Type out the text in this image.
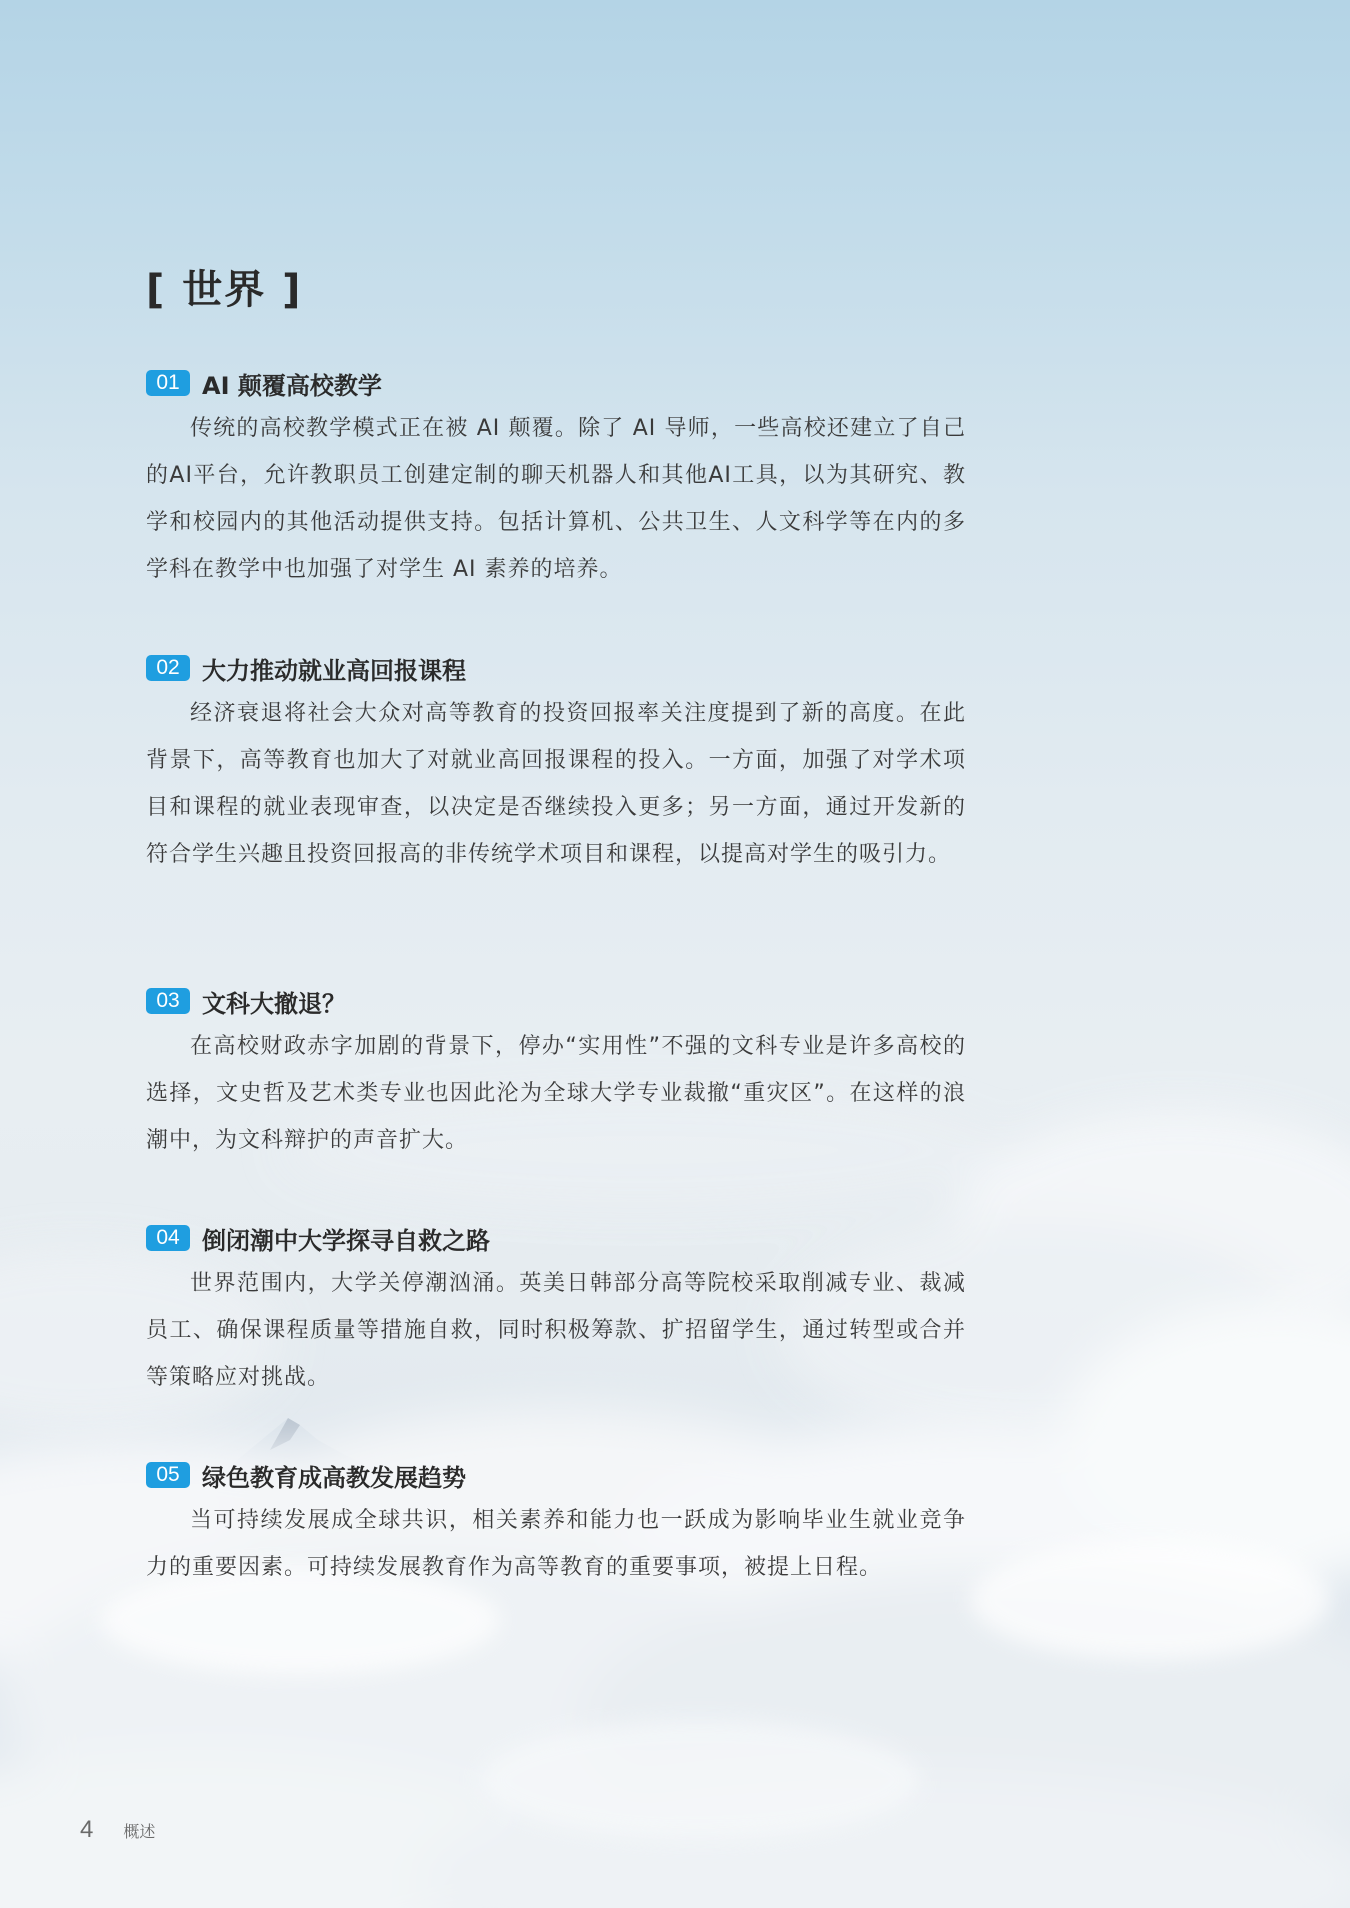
[ 世界 ]
01 AI 颠覆高校教学

传统的高校教学模式正在被 AI 颠覆。除了 AI 导师，一些高校还建立了自己的AI平台，允许教职员工创建定制的聊天机器人和其他AI工具，以为其研究、教学和校园内的其他活动提供支持。包括计算机、公共卫生、人文科学等在内的多学科在教学中也加强了对学生 AI 素养的培养。

02 大力推动就业高回报课程

经济衰退将社会大众对高等教育的投资回报率关注度提到了新的高度。在此背景下，高等教育也加大了对就业高回报课程的投入。一方面，加强了对学术项目和课程的就业表现审查，以决定是否继续投入更多；另一方面，通过开发新的符合学生兴趣且投资回报高的非传统学术项目和课程，以提高对学生的吸引力。

03 文科大撤退？

在高校财政赤字加剧的背景下，停办“实用性”不强的文科专业是许多高校的选择，文史哲及艺术类专业也因此沦为全球大学专业裁撤“重灾区”。在这样的浪潮中，为文科辩护的声音扩大。

04 倒闭潮中大学探寻自救之路

世界范围内，大学关停潮汹涌。英美日韩部分高等院校采取削减专业、裁减员工、确保课程质量等措施自救，同时积极筹款、扩招留学生，通过转型或合并等策略应对挑战。

05 绿色教育成高教发展趋势

当可持续发展成全球共识，相关素养和能力也一跃成为影响毕业生就业竞争力的重要因素。可持续发展教育作为高等教育的重要事项，被提上日程。

4 概述
